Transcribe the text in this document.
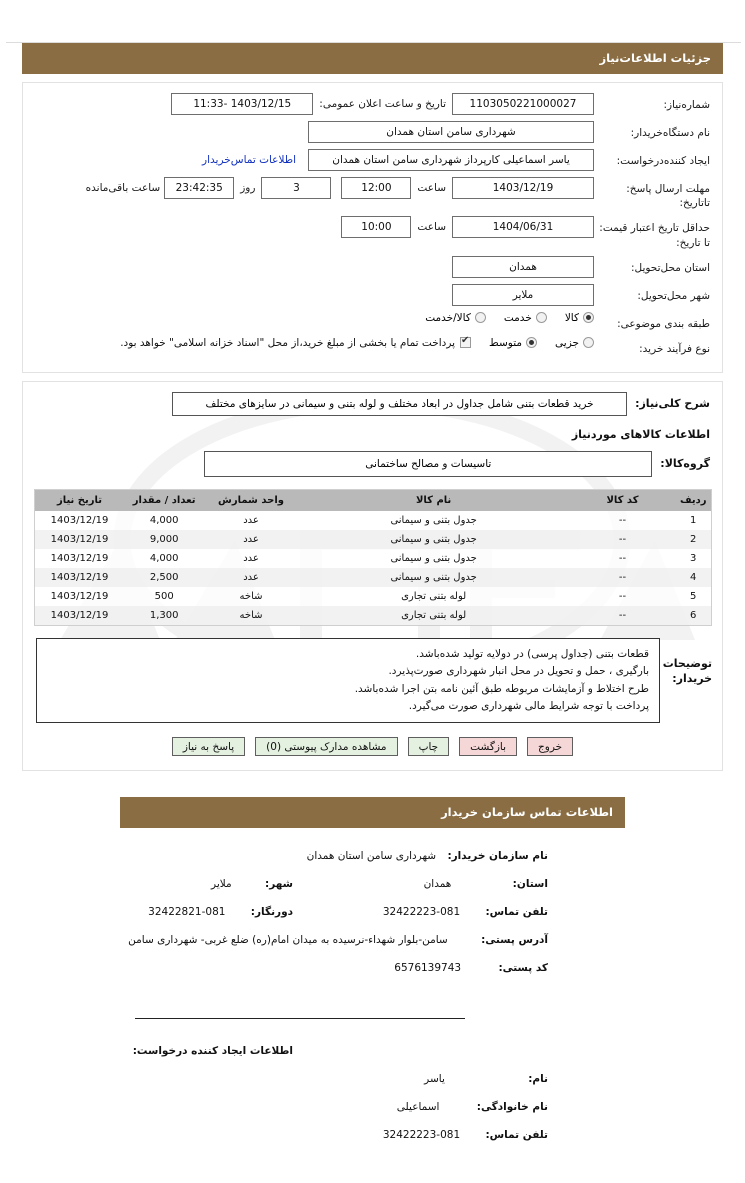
جزئیات اطلاعات‌نیاز
شماره‌نیاز:
1103050221000027
تاریخ و ساعت اعلان عمومی:
1403/12/15 -11:33
نام دستگاه‌خریدار:
شهرداری سامن استان همدان
ایجاد کننده‌درخواست:
یاسر اسماعیلی کارپرداز شهرداری سامن استان همدان
اطلاعات تماس‌خریدار
مهلت ارسال پاسخ: تاتاریخ:
1403/12/19
ساعت
12:00
3
روز
23:42:35
ساعت باقی‌مانده
حداقل تاریخ اعتبار قیمت: تا تاریخ:
1404/06/31
ساعت
10:00
استان محل‌تحویل:
همدان
شهر محل‌تحویل:
ملایر
طبقه بندی موضوعی:
کالا
خدمت
کالا/خدمت
نوع فرآیند خرید:
جزیی
متوسط
✔
پرداخت تمام یا بخشی از مبلغ خرید،از محل "اسناد خزانه اسلامی" خواهد بود.
شرح کلی‌نیاز:
خرید قطعات بتنی شامل جداول در ابعاد مختلف و لوله بتنی و سیمانی در سایزهای مختلف
اطلاعات کالاهای موردنیاز
گروه‌کالا:
تاسیسات و مصالح ساختمانی
ردیف	کد کالا	نام کالا	واحد شمارش	تعداد / مقدار	تاریخ نیاز
1	--	جدول بتنی و سیمانی	عدد	4,000	1403/12/19
2	--	جدول بتنی و سیمانی	عدد	9,000	1403/12/19
3	--	جدول بتنی و سیمانی	عدد	4,000	1403/12/19
4	--	جدول بتنی و سیمانی	عدد	2,500	1403/12/19
5	--	لوله بتنی تجاری	شاخه	500	1403/12/19
6	--	لوله بتنی تجاری	شاخه	1,300	1403/12/19
توضیحات خریدار:
قطعات بتنی (جداول پرسی) در دولایه تولید شده‌باشد.
بارگیری ، حمل و تحویل در محل انبار شهرداری صورت‌پذیرد.
طرح اختلاط و آزمایشات مربوطه طبق آئین نامه بتن اجرا شده‌باشد.
پرداخت با توجه شرایط مالی شهرداری صورت می‌گیرد.
خروج
بازگشت
چاپ
مشاهده مدارک پیوستی (0)
پاسخ به نیاز
اطلاعات تماس سازمان خریدار
نام سازمان خریدار: شهرداری سامن استان همدان
استان: همدان
شهر: ملایر
تلفن تماس: 081-32422223
دورنگار: 081-32422821
آدرس پستی: سامن-بلوار شهداء-نرسیده به میدان امام(ره) ضلع غربی- شهرداری سامن
کد پستی: 6576139743
اطلاعات ایجاد کننده درخواست:
نام: یاسر
نام خانوادگی: اسماعیلی
تلفن تماس: 081-32422223
